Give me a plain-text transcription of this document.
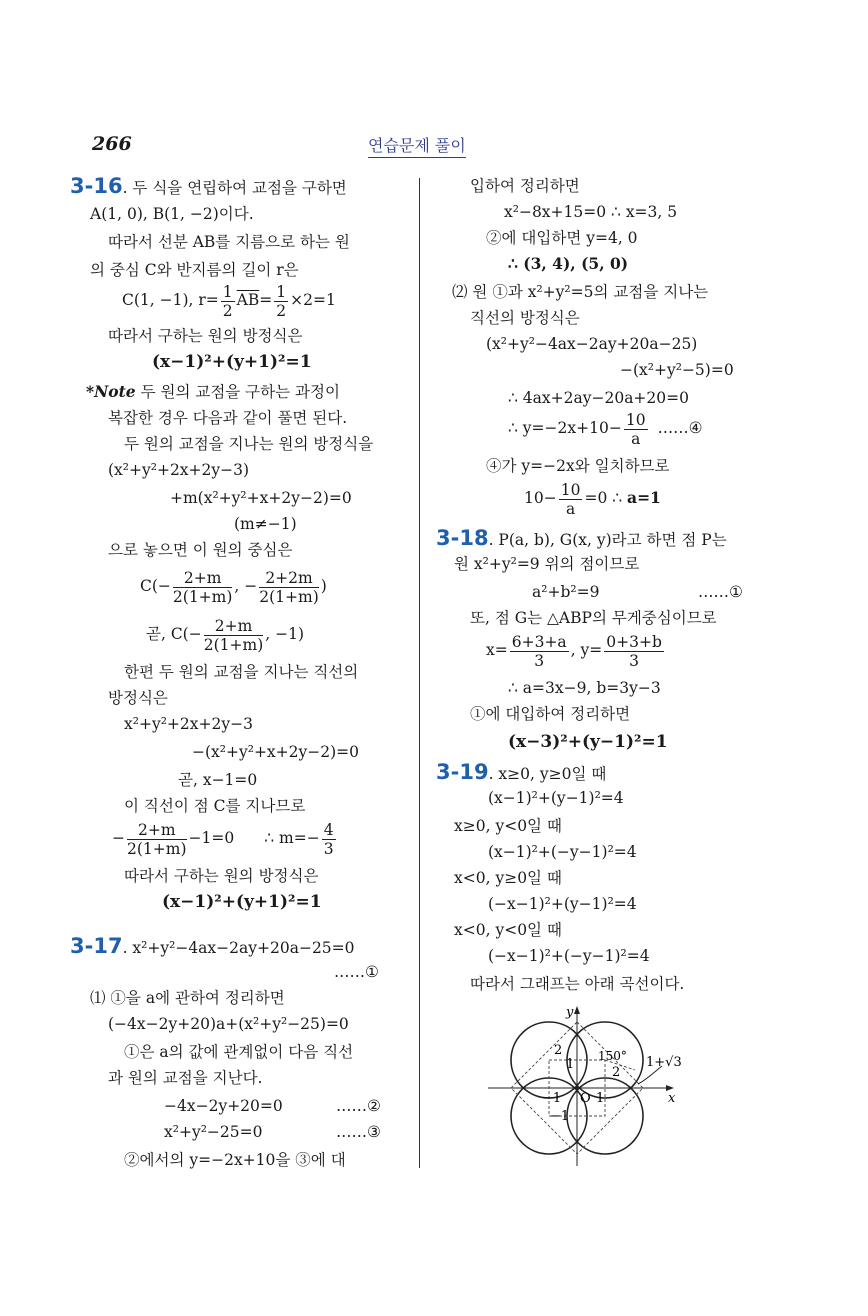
266	연습문제 풀이
3-16. 두 식을 연립하여 교점을 구하면
A(1, 0), B(1, −2)이다.
따라서 선분 AB를 지름으로 하는 원
의 중심 C와 반지름의 길이 r은
C(1, −1), $r= \frac{1}{2} \overline{AB}= \frac{1}{2} \times 2=1$
따라서 구하는 원의 방정식은
(x−1)²+(y+1)²=1
*Note 두 원의 교점을 구하는 과정이
복잡한 경우 다음과 같이 풀면 된다.
두 원의 교점을 지나는 원의 방정식을
(x²+y²+2x+2y−3)
+m(x²+y²+x+2y−2)=0
(m≠−1)
으로 놓으면 이 원의 중심은
$C(- \frac{2+m}{2(1+m)}$ , − $\frac{2+2m}{2(1+m)}$ )
곧, $C(- \frac{2+m}{2(1+m)}$ , −1)
한편 두 원의 교점을 지나는 직선의
방정식은
x²+y²+2x+2y−3
−(x²+y²+x+2y−2)=0
곧, x−1=0
이 직선이 점 C를 지나므로
− $\frac{2+m}{2(1+m)} -1=0$ ∴ $m=- \frac{4}{3}$
따라서 구하는 원의 방정식은
(x−1)²+(y+1)²=1
3-17. x²+y²−4ax−2ay+20a−25=0
……①
⑴ ①을 a에 관하여 정리하면
(−4x−2y+20)a+(x²+y²−25)=0
①은 a의 값에 관계없이 다음 직선
과 원의 교점을 지난다.
−4x−2y+20=0	……②
x²+y²−25=0	……③
②에서의 y=−2x+10을 ③에 대
입하여 정리하면
x²−8x+15=0 ∴ x=3, 5
②에 대입하면 y=4, 0
∴ (3, 4), (5, 0)
⑵ 원 ①과 x²+y²=5의 교점을 지나는
직선의 방정식은
(x²+y²−4ax−2ay+20a−25)
−(x²+y²−5)=0
∴ 4ax+2ay−20a+20=0
∴ $y=-2x+10- \frac{10}{a}$ ……④
④가 y=−2x와 일치하므로
$10- \frac{10}{a} =0$ ∴ a=1
3-18. P(a, b), G(x, y)라고 하면 점 P는
원 x²+y²=9 위의 점이므로
a²+b²=9	……①
또, 점 G는 △ABP의 무게중심이므로
$x= \frac{6+3+a}{3}$ , $y= \frac{0+3+b}{3}$
∴ a=3x−9, b=3y−3
①에 대입하여 정리하면
(x−3)²+(y−1)²=1
3-19. x≥0, y≥0일 때
(x−1)²+(y−1)²=4
x≥0, y<0일 때
(x−1)²+(−y−1)²=4
x<0, y≥0일 때
(−x−1)²+(y−1)²=4
x<0, y<0일 때
(−x−1)²+(−y−1)²=4
따라서 그래프는 아래 곡선이다.
y
x
O
2
1
1
−1
−1
150°
2
1+√3
